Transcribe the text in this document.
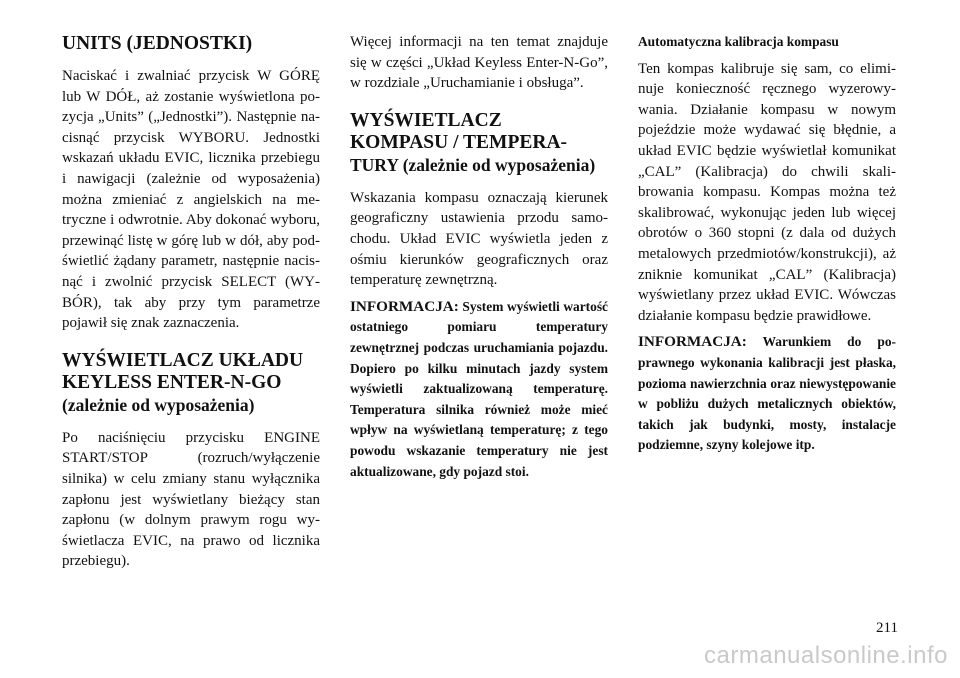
UNITS (JEDNOSTKI)

Naciskać i zwalniać przycisk W GÓRĘ lub W DÓŁ, aż zostanie wyświetlona pozycja „Units” („Jednostki”). Następnie nacisnąć przycisk WYBORU. Jednostki wskazań układu EVIC, licznika przebiegu i nawigacji (zależnie od wyposażenia) można zmieniać z angielskich na metryczne i odwrotnie. Aby dokonać wyboru, przewinąć listę w górę lub w dół, aby podświetlić żądany parametr, następnie nacisnąć i zwolnić przycisk SELECT (WYBÓR), tak aby przy tym parametrze pojawił się znak zaznaczenia.

WYŚWIETLACZ UKŁADU
KEYLESS ENTER-N-GO
(zależnie od wyposażenia)

Po naciśnięciu przycisku ENGINE START/STOP (rozruch/wyłączenie silnika) w celu zmiany stanu wyłącznika zapłonu jest wyświetlany bieżący stan zapłonu (w dolnym prawym rogu wyświetlacza EVIC, na prawo od licznika przebiegu).

Więcej informacji na ten temat znajduje się w części „Układ Keyless Enter-N-Go”, w rozdziale „Uruchamianie i obsługa”.

WYŚWIETLACZ
KOMPASU / TEMPERA-
TURY (zależnie od wyposażenia)

Wskazania kompasu oznaczają kierunek geograficzny ustawienia przodu samochodu. Układ EVIC wyświetla jeden z ośmiu kierunków geograficznych oraz temperaturę zewnętrzną.

INFORMACJA: System wyświetli wartość ostatniego pomiaru temperatury zewnętrznej podczas uruchamiania pojazdu. Dopiero po kilku minutach jazdy system wyświetli zaktualizowaną temperaturę. Temperatura silnika również może mieć wpływ na wyświetlaną temperaturę; z tego powodu wskazanie temperatury nie jest aktualizowane, gdy pojazd stoi.

Automatyczna kalibracja kompasu

Ten kompas kalibruje się sam, co eliminuje konieczność ręcznego wyzerowywania. Działanie kompasu w nowym pojeździe może wydawać się błędnie, a układ EVIC będzie wyświetlał komunikat „CAL” (Kalibracja) do chwili skalibrowania kompasu. Kompas można też skalibrować, wykonując jeden lub więcej obrotów o 360 stopni (z dala od dużych metalowych przedmiotów/konstrukcji), aż zniknie komunikat „CAL” (Kalibracja) wyświetlany przez układ EVIC. Wówczas działanie kompasu będzie prawidłowe.

INFORMACJA: Warunkiem do poprawnego wykonania kalibracji jest płaska, pozioma nawierzchnia oraz niewystępowanie w pobliżu dużych metalicznych obiektów, takich jak budynki, mosty, instalacje podziemne, szyny kolejowe itp.

211
carmanualsonline.info
